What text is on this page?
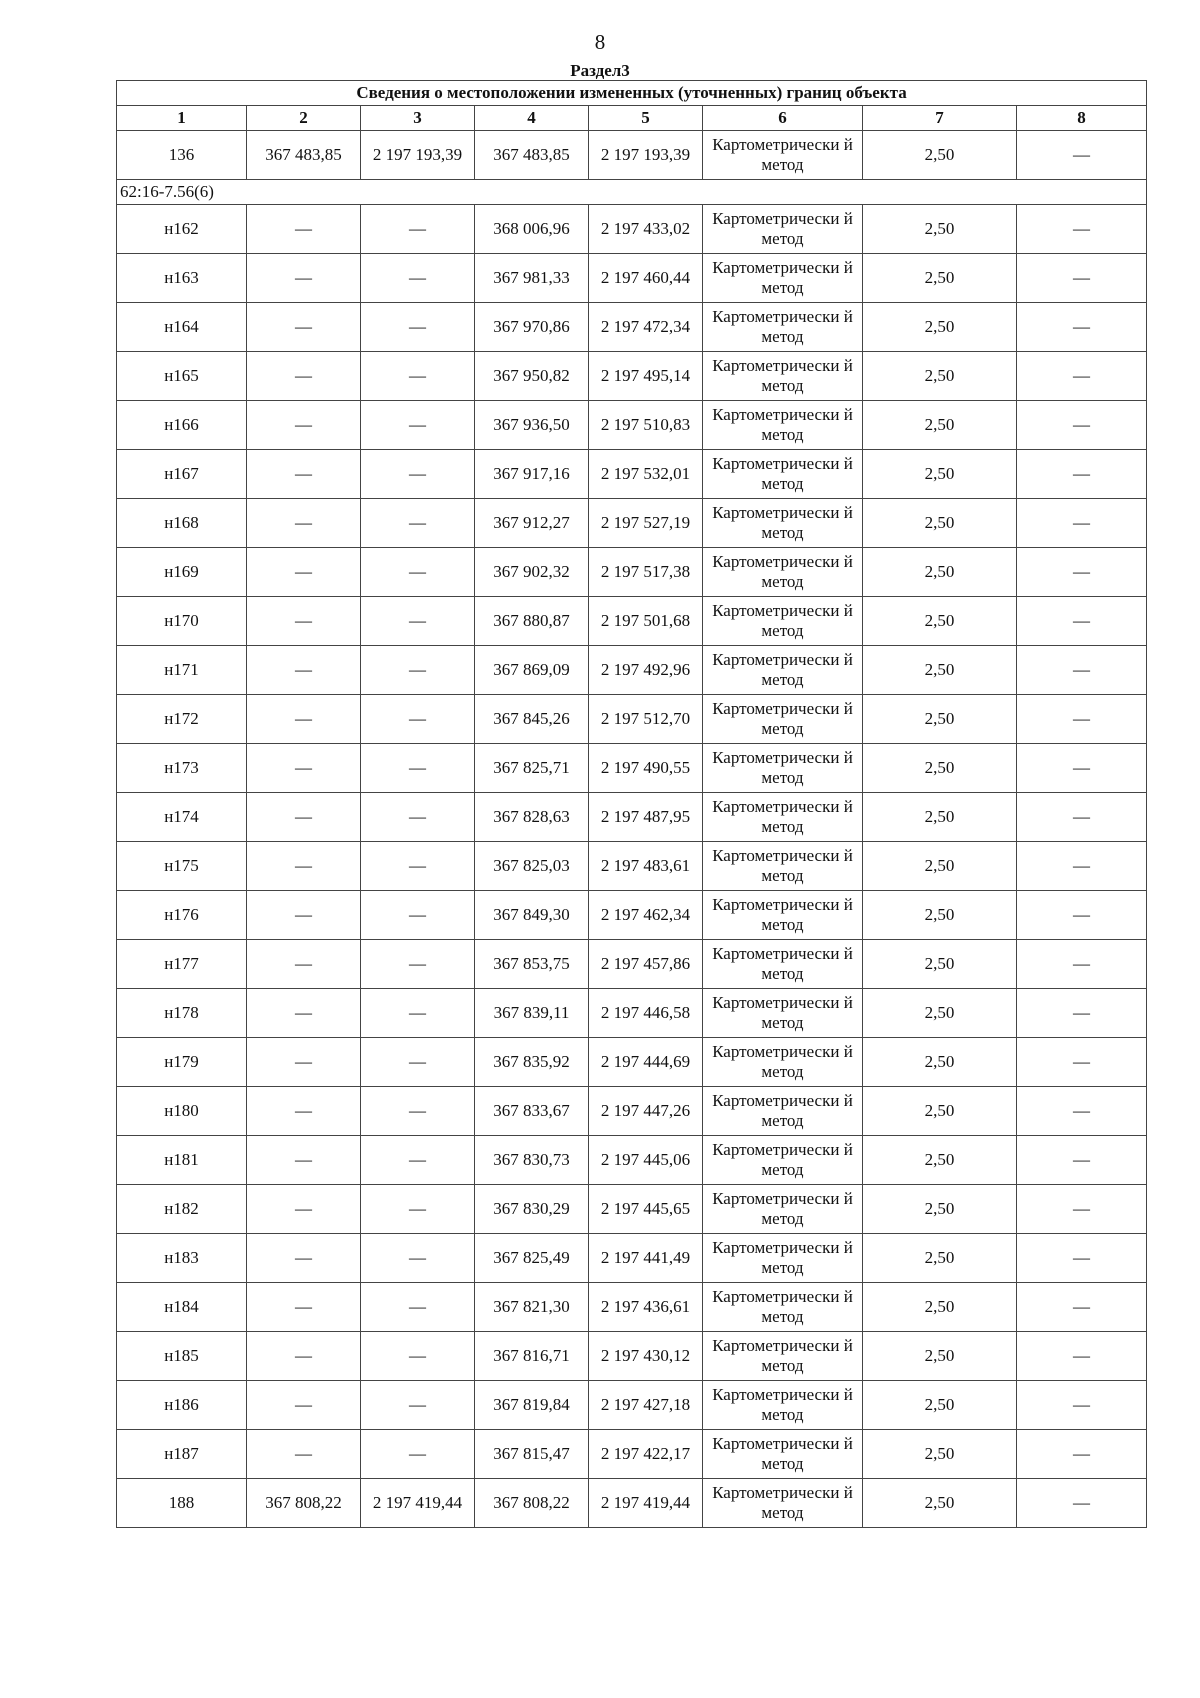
8
Раздел3
Сведения о местоположении измененных (уточненных) границ объекта							
1	2	3	4	5	6	7	8
136	367 483,85	2 197 193,39	367 483,85	2 197 193,39	Картометрически й метод	2,50	—
62:16-7.56(6)							
н162	—	—	368 006,96	2 197 433,02	Картометрически й метод	2,50	—
н163	—	—	367 981,33	2 197 460,44	Картометрически й метод	2,50	—
н164	—	—	367 970,86	2 197 472,34	Картометрически й метод	2,50	—
н165	—	—	367 950,82	2 197 495,14	Картометрически й метод	2,50	—
н166	—	—	367 936,50	2 197 510,83	Картометрически й метод	2,50	—
н167	—	—	367 917,16	2 197 532,01	Картометрически й метод	2,50	—
н168	—	—	367 912,27	2 197 527,19	Картометрически й метод	2,50	—
н169	—	—	367 902,32	2 197 517,38	Картометрически й метод	2,50	—
н170	—	—	367 880,87	2 197 501,68	Картометрически й метод	2,50	—
н171	—	—	367 869,09	2 197 492,96	Картометрически й метод	2,50	—
н172	—	—	367 845,26	2 197 512,70	Картометрически й метод	2,50	—
н173	—	—	367 825,71	2 197 490,55	Картометрически й метод	2,50	—
н174	—	—	367 828,63	2 197 487,95	Картометрически й метод	2,50	—
н175	—	—	367 825,03	2 197 483,61	Картометрически й метод	2,50	—
н176	—	—	367 849,30	2 197 462,34	Картометрически й метод	2,50	—
н177	—	—	367 853,75	2 197 457,86	Картометрически й метод	2,50	—
н178	—	—	367 839,11	2 197 446,58	Картометрически й метод	2,50	—
н179	—	—	367 835,92	2 197 444,69	Картометрически й метод	2,50	—
н180	—	—	367 833,67	2 197 447,26	Картометрически й метод	2,50	—
н181	—	—	367 830,73	2 197 445,06	Картометрически й метод	2,50	—
н182	—	—	367 830,29	2 197 445,65	Картометрически й метод	2,50	—
н183	—	—	367 825,49	2 197 441,49	Картометрически й метод	2,50	—
н184	—	—	367 821,30	2 197 436,61	Картометрически й метод	2,50	—
н185	—	—	367 816,71	2 197 430,12	Картометрически й метод	2,50	—
н186	—	—	367 819,84	2 197 427,18	Картометрически й метод	2,50	—
н187	—	—	367 815,47	2 197 422,17	Картометрически й метод	2,50	—
188	367 808,22	2 197 419,44	367 808,22	2 197 419,44	Картометрически й метод	2,50	—
